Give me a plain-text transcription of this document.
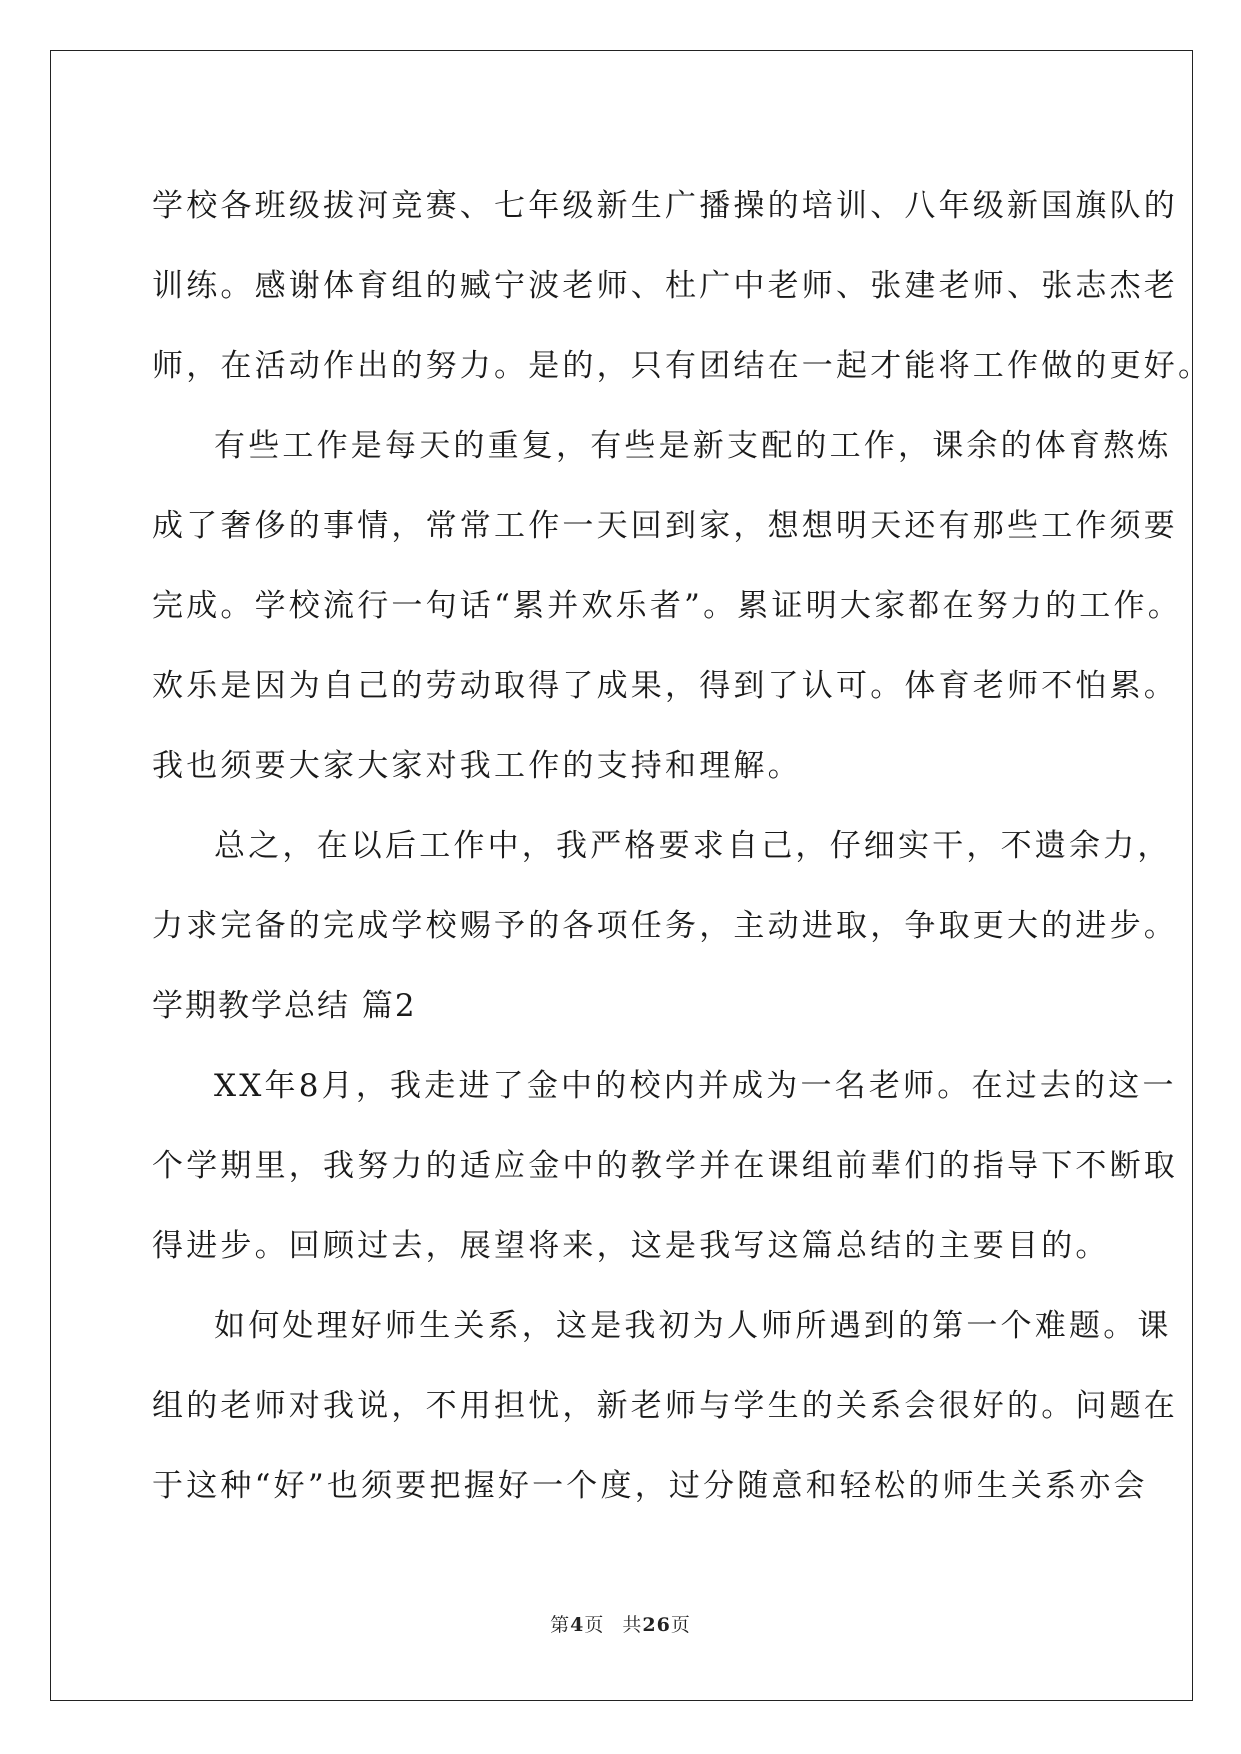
学校各班级拔河竞赛、七年级新生广播操的培训、八年级新国旗队的
训练。感谢体育组的臧宁波老师、杜广中老师、张建老师、张志杰老
师，在活动作出的努力。是的，只有团结在一起才能将工作做的更好。
有些工作是每天的重复，有些是新支配的工作，课余的体育熬炼
成了奢侈的事情，常常工作一天回到家，想想明天还有那些工作须要
完成。学校流行一句话“累并欢乐者”。累证明大家都在努力的工作。
欢乐是因为自己的劳动取得了成果，得到了认可。体育老师不怕累。
我也须要大家大家对我工作的支持和理解。
总之，在以后工作中，我严格要求自己，仔细实干，不遗余力，
力求完备的完成学校赐予的各项任务，主动进取，争取更大的进步。
学期教学总结 篇2
XX年8月，我走进了金中的校内并成为一名老师。在过去的这一
个学期里，我努力的适应金中的教学并在课组前辈们的指导下不断取
得进步。回顾过去，展望将来，这是我写这篇总结的主要目的。
如何处理好师生关系，这是我初为人师所遇到的第一个难题。课
组的老师对我说，不用担忧，新老师与学生的关系会很好的。问题在
于这种“好”也须要把握好一个度，过分随意和轻松的师生关系亦会
第4页 共26页
